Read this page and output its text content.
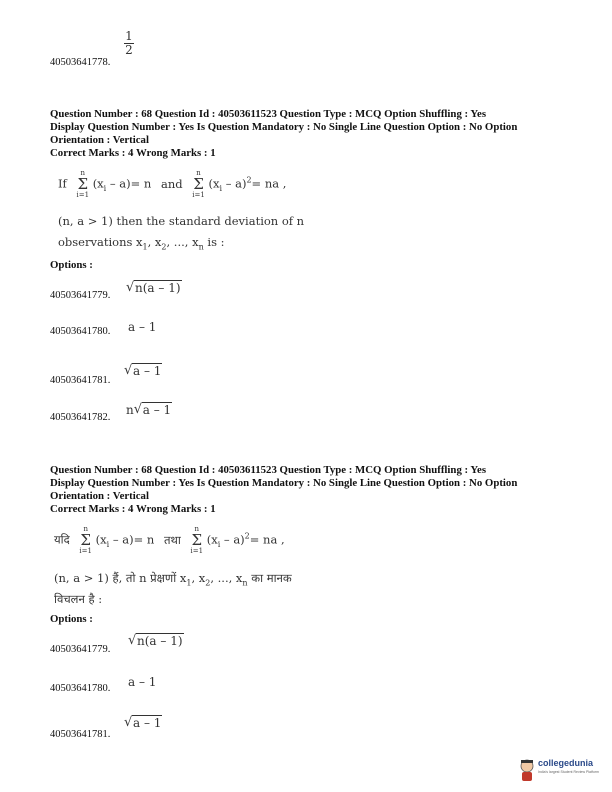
40503641778.
$\frac{1}{2}$
Question Number : 68 Question Id : 40503611523 Question Type : MCQ Option Shuffling : Yes
Display Question Number : Yes Is Question Mandatory : No Single Line Question Option : No Option
Orientation : Vertical
Correct Marks : 4 Wrong Marks : 1
If
n
Σ
i=1
$(x_i - a)= n$ and
n
Σ
i=1
$(x_i - a)^2=$ na ,
(n, a > 1) then the standard deviation of n
observations $x_1$, $x_2$, ..., $x_n$ is :
Options :
40503641779.
√ n(a – 1)
40503641780. a – 1
40503641781.
√ a – 1
40503641782.
n √ a – 1
Question Number : 68 Question Id : 40503611523 Question Type : MCQ Option Shuffling : Yes
Display Question Number : Yes Is Question Mandatory : No Single Line Question Option : No Option
Orientation : Vertical
Correct Marks : 4 Wrong Marks : 1
यदि
n
Σ
i=1
$(x_i - a)= n$ तथा
n
Σ
i=1
$(x_i - a)^2=$ na ,
(n, a > 1) हैं, तो n प्रेक्षणों $x_1$, $x_2$, ..., $x_n$ का मानक
विचलन है :
Options :
40503641779.
√ n(a – 1)
40503641780. a – 1
40503641781.
√ a – 1
collegedunia
India's largest Student Review Platform
